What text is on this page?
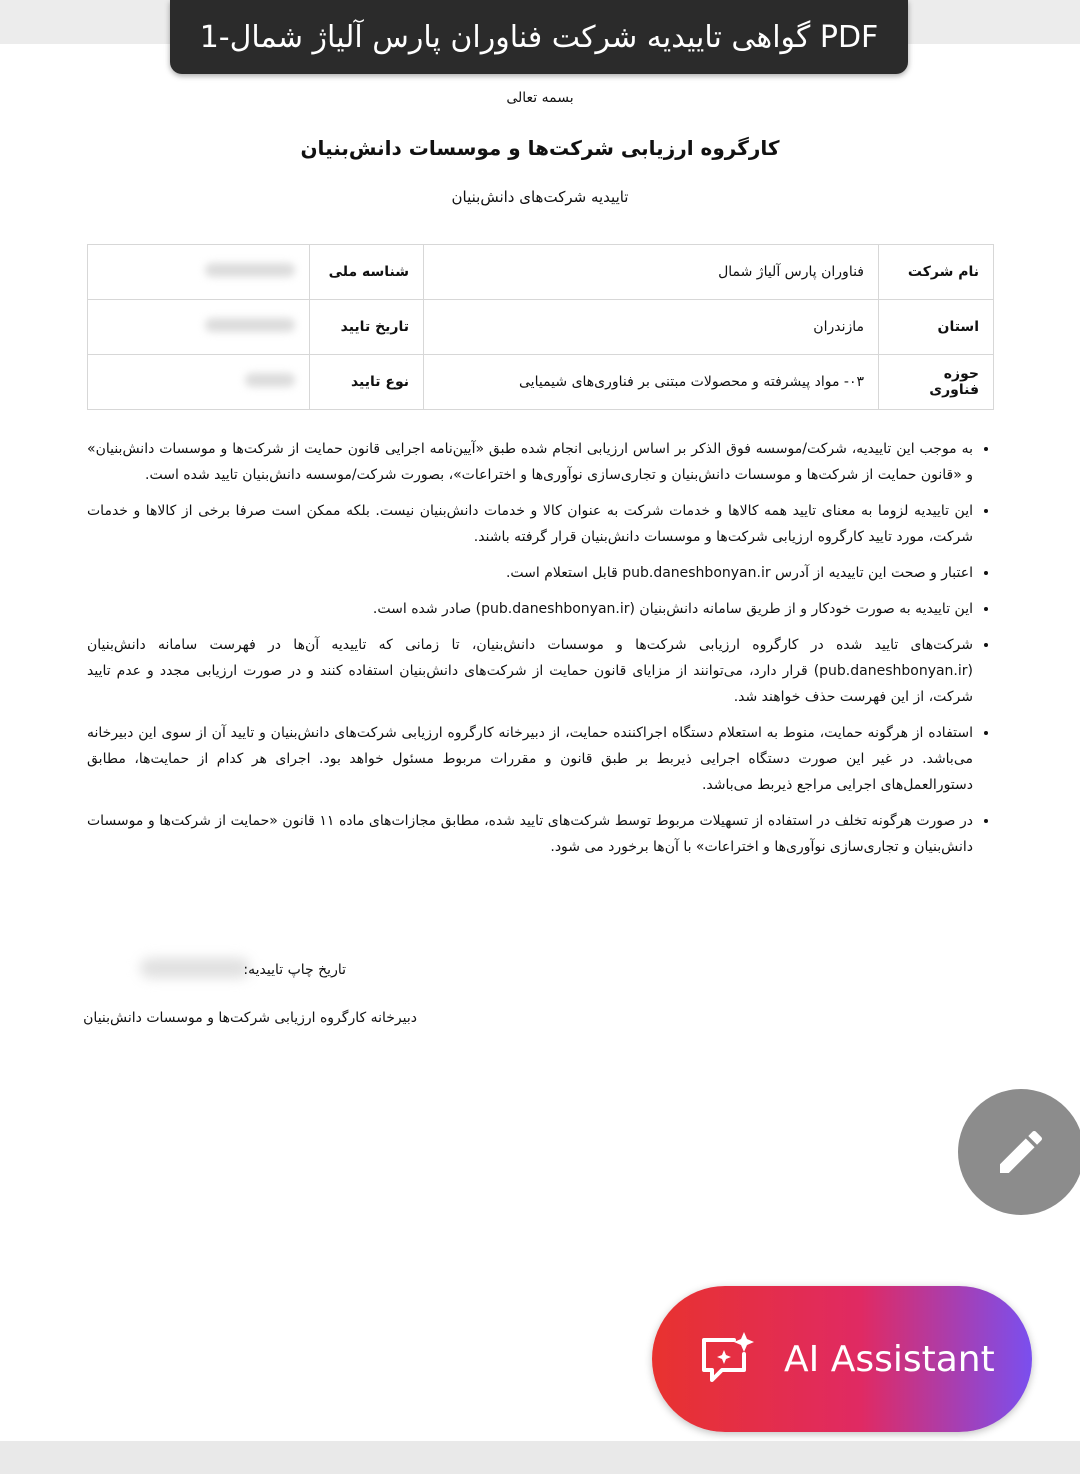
PDF گواهی تاییدیه شرکت فناوران پارس آلیاژ شمال-1
بسمه تعالی
کارگروه ارزیابی شرکت‌ها و موسسات دانش‌بنیان
تاییدیه شرکت‌های دانش‌بنیان
نام شرکت	فناوران پارس آلیاژ شمال	شناسه ملی	
استان	مازندران	تاریخ تایید	
حوزه فناوری	۰۳- مواد پیشرفته و محصولات مبتنی بر فناوری‌های شیمیایی	نوع تایید	
• به موجب این تاییدیه، شرکت/موسسه فوق الذکر بر اساس ارزیابی انجام شده طبق «آیین‌نامه اجرایی قانون حمایت از شرکت‌ها و موسسات دانش‌بنیان» و «قانون حمایت از شرکت‌ها و موسسات دانش‌بنیان و تجاری‌سازی نوآوری‌ها و اختراعات»، بصورت شرکت/موسسه دانش‌بنیان تایید شده است.
• این تاییدیه لزوما به معنای تایید همه کالاها و خدمات شرکت به عنوان کالا و خدمات دانش‌بنیان نیست. بلکه ممکن است صرفا برخی از کالاها و خدمات شرکت، مورد تایید کارگروه ارزیابی شرکت‌ها و موسسات دانش‌بنیان قرار گرفته باشند.
• اعتبار و صحت این تاییدیه از آدرس pub.daneshbonyan.ir قابل استعلام است.
• این تاییدیه به صورت خودکار و از طریق سامانه دانش‌بنیان (pub.daneshbonyan.ir) صادر شده است.
• شرکت‌های تایید شده در کارگروه ارزیابی شرکت‌ها و موسسات دانش‌بنیان، تا زمانی که تاییدیه آن‌ها در فهرست سامانه دانش‌بنیان (pub.daneshbonyan.ir) قرار دارد، می‌توانند از مزایای قانون حمایت از شرکت‌های دانش‌بنیان استفاده کنند و در صورت ارزیابی مجدد و عدم تایید شرکت، از این فهرست حذف خواهند شد.
• استفاده از هرگونه حمایت، منوط به استعلام دستگاه اجراکننده حمایت، از دبیرخانه کارگروه ارزیابی شرکت‌های دانش‌بنیان و تایید آن از سوی این دبیرخانه می‌باشد. در غیر این صورت دستگاه اجرایی ذیربط بر طبق قانون و مقررات مربوط مسئول خواهد بود. اجرای هر کدام از حمایت‌ها، مطابق دستورالعمل‌های اجرایی مراجع ذیربط می‌باشد.
• در صورت هرگونه تخلف در استفاده از تسهیلات مربوط توسط شرکت‌های تایید شده، مطابق مجازات‌های ماده ۱۱ قانون «حمایت از شرکت‌ها و موسسات دانش‌بنیان و تجاری‌سازی نوآوری‌ها و اختراعات» با آن‌ها برخورد می شود.
تاریخ چاپ تاییدیه:
دبیرخانه کارگروه ارزیابی شرکت‌ها و موسسات دانش‌بنیان
AI Assistant
